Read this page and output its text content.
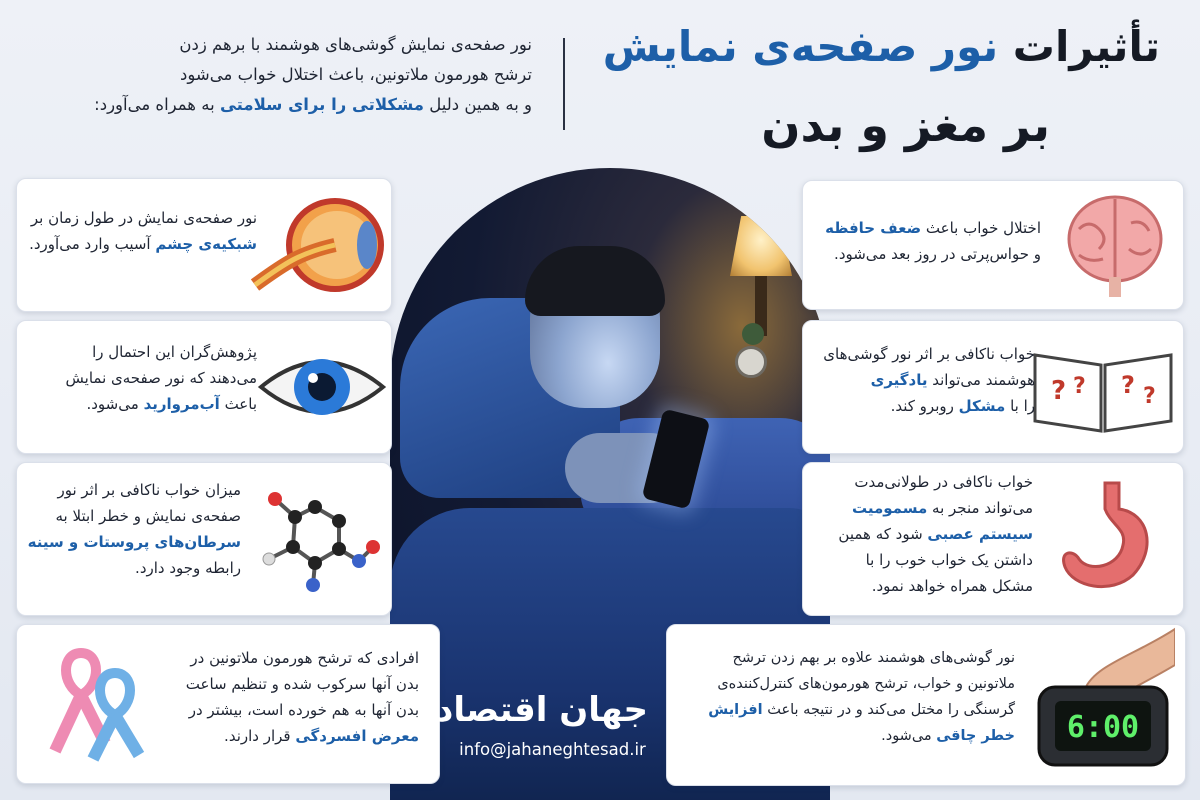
تأثیرات نور صفحه‌ی نمایش
بر مغز و بدن
نور صفحه‌ی نمایش گوشی‌های هوشمند با برهم زدن
ترشح هورمون ملاتونین، باعث اختلال خواب می‌شود
و به همین دلیل مشکلاتی را برای سلامتی به همراه می‌آورد:
نور صفحه‌ی نمایش در طول زمان بر
شبکیه‌ی چشم آسیب وارد می‌آورد.
پژوهش‌گران این احتمال را
می‌دهند که نور صفحه‌ی نمایش
باعث آب‌مروارید می‌شود.
میزان خواب ناکافی بر اثر نور
صفحه‌ی نمایش و خطر ابتلا به
سرطان‌های پروستات و سینه
رابطه وجود دارد.
افرادی که ترشح هورمون ملاتونین در
بدن آنها سرکوب شده و تنظیم ساعت
بدن آنها به هم خورده است، بیشتر در
معرض افسردگی قرار دارند.
اختلال خواب باعث ضعف حافظه
و حواس‌پرتی در روز بعد می‌شود.
? ? ? ?
خواب ناکافی بر اثر نور گوشی‌های
هوشمند می‌تواند یادگیری
را با مشکل روبرو کند.
خواب ناکافی در طولانی‌مدت
می‌تواند منجر به مسمومیت
سیستم عصبی شود که همین
داشتن یک خواب خوب را با
مشکل همراه خواهد نمود.
6:00
نور گوشی‌های هوشمند علاوه بر بهم زدن ترشح
ملاتونین و خواب، ترشح هورمون‌های کنترل‌کننده‌ی
گرسنگی را مختل می‌کند و در نتیجه باعث افزایش
خطر چاقی می‌شود.
جهان اقتصاد
info@jahaneghtesad.ir
